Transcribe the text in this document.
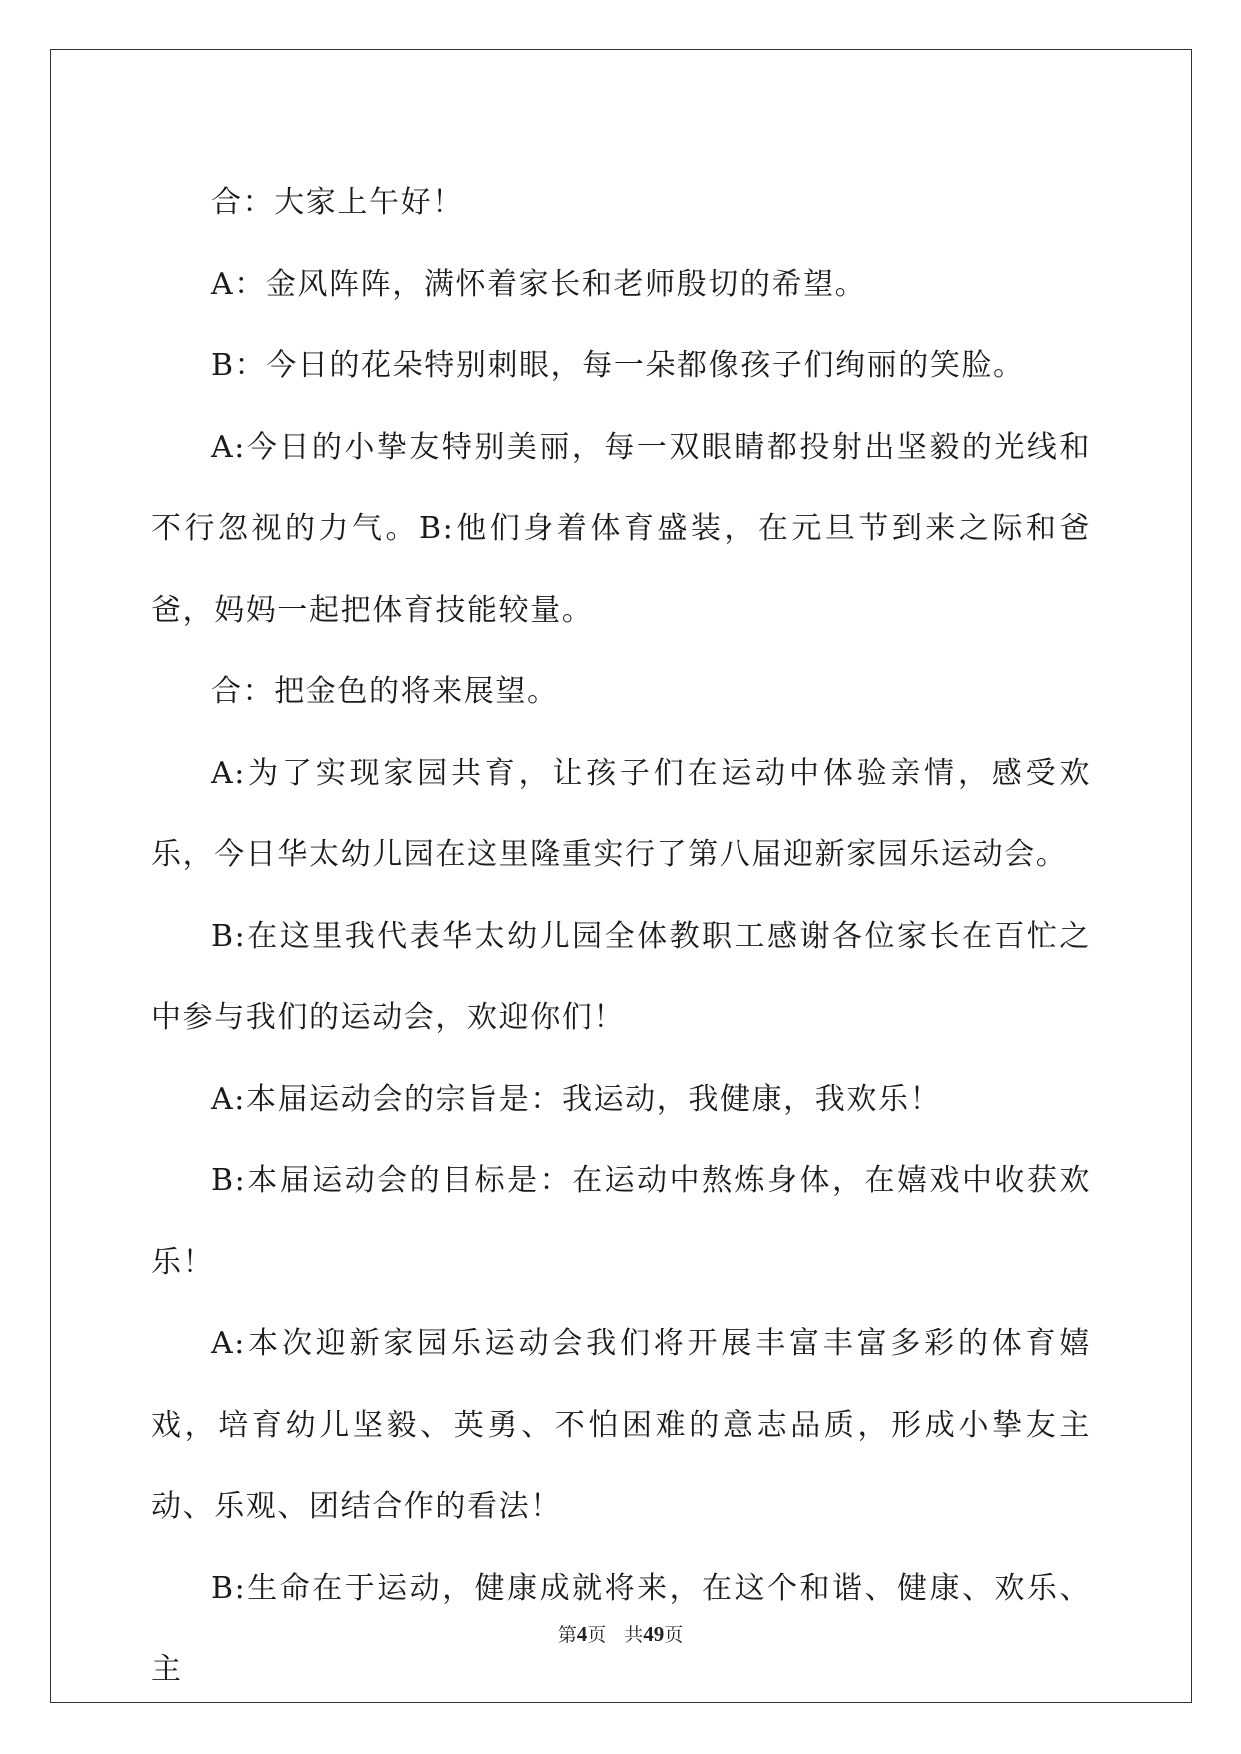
合：大家上午好！

A：金风阵阵，满怀着家长和老师殷切的希望。

B：今日的花朵特别刺眼，每一朵都像孩子们绚丽的笑脸。

A:今日的小挚友特别美丽，每一双眼睛都投射出坚毅的光线和不行忽视的力气。B:他们身着体育盛装，在元旦节到来之际和爸爸，妈妈一起把体育技能较量。

合：把金色的将来展望。

A:为了实现家园共育，让孩子们在运动中体验亲情，感受欢乐，今日华太幼儿园在这里隆重实行了第八届迎新家园乐运动会。

B:在这里我代表华太幼儿园全体教职工感谢各位家长在百忙之中参与我们的运动会，欢迎你们！

A:本届运动会的宗旨是：我运动，我健康，我欢乐！

B:本届运动会的目标是：在运动中熬炼身体，在嬉戏中收获欢乐！

A:本次迎新家园乐运动会我们将开展丰富丰富多彩的体育嬉戏，培育幼儿坚毅、英勇、不怕困难的意志品质，形成小挚友主动、乐观、团结合作的看法！

B:生命在于运动，健康成就将来，在这个和谐、健康、欢乐、主

第4页 共49页
